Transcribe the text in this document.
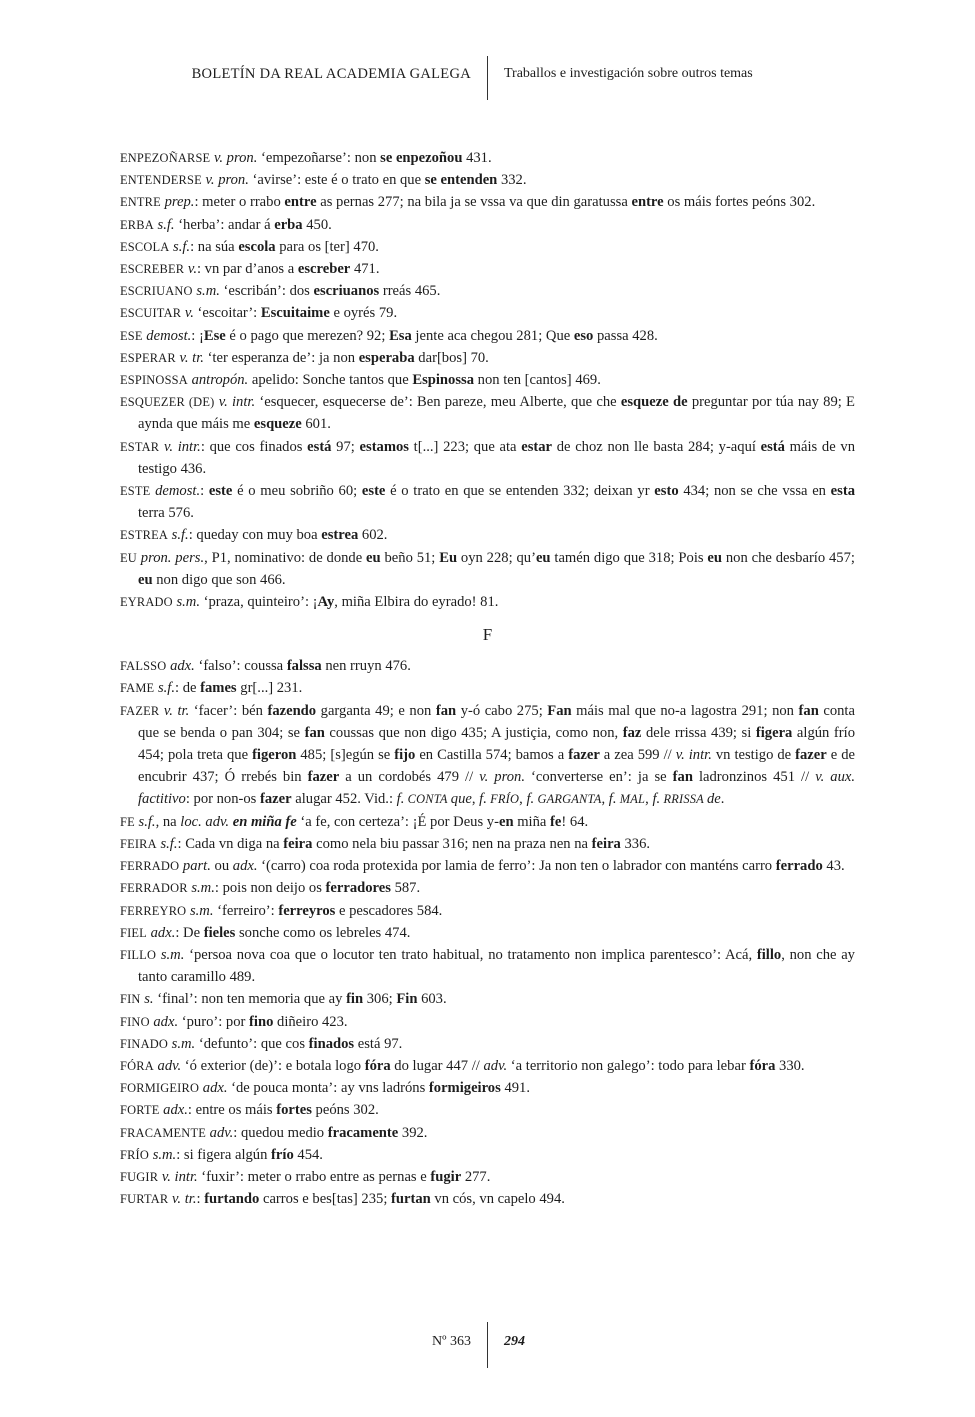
BOLETÍN DA REAL ACADEMIA GALEGA Traballos e investigación sobre outros temas
ENPEZOÑARSE v. pron. ‘empezoñarse’: non se enpezoñou 431.
ENTENDERSE v. pron. ‘avirse’: este é o trato en que se entenden 332.
ENTRE prep.: meter o rrabo entre as pernas 277; na bila ja se vssa va que din garatussa entre os máis fortes peóns 302.
ERBA s.f. ‘herba’: andar á erba 450.
ESCOLA s.f.: na súa escola para os [ter] 470.
ESCREBER v.: vn par d’anos a escreber 471.
ESCRIUANO s.m. ‘escribán’: dos escriuanos rreás 465.
ESCUITAR v. ‘escoitar’: Escuitaime e oyrés 79.
ESE demost.: ¡Ese é o pago que merezen? 92; Esa jente aca chegou 281; Que eso passa 428.
ESPERAR v. tr. ‘ter esperanza de’: ja non esperaba dar[bos] 70.
ESPINOSSA antropón. apelido: Sonche tantos que Espinossa non ten [cantos] 469.
ESQUEZER (DE) v. intr. ‘esquecer, esquecerse de’: Ben pareze, meu Alberte, que che esqueze de preguntar por túa nay 89; E aynda que máis me esqueze 601.
ESTAR v. intr.: que cos finados está 97; estamos t[...] 223; que ata estar de choz non lle basta 284; y-aquí está máis de vn testigo 436.
ESTE demost.: este é o meu sobriño 60; este é o trato en que se entenden 332; deixan yr esto 434; non se che vssa en esta terra 576.
ESTREA s.f.: queday con muy boa estrea 602.
EU pron. pers., P1, nominativo: de donde eu beño 51; Eu oyn 228; qu’eu tamén digo que 318; Pois eu non che desbarío 457; eu non digo que son 466.
EYRADO s.m. ‘praza, quinteiro’: ¡Ay, miña Elbira do eyrado! 81.
F
FALSSO adx. ‘falso’: coussa falssa nen rruyn 476.
FAME s.f.: de fames gr[...] 231.
FAZER v. tr. ‘facer’: bén fazendo garganta 49; e non fan y-ó cabo 275; Fan máis mal que no-a lagostra 291; non fan conta que se benda o pan 304; se fan coussas que non digo 435; A justiçia, como non, faz dele rrissa 439; si figera algún frío 454; pola treta que figeron 485; [s]egún se fijo en Castilla 574; bamos a fazer a zea 599 // v. intr. vn testigo de fazer e de encubrir 437; Ó rrebés bin fazer a un cordobés 479 // v. pron. ‘converterse en’: ja se fan ladronzinos 451 // v. aux. factitivo: por non-os fazer alugar 452. Vid.: f. CONTA que, f. FRÍO, f. GARGANTA, f. MAL, f. RRISSA de.
FE s.f., na loc. adv. en miña fe ‘a fe, con certeza’: ¡É por Deus y-en miña fe! 64.
FEIRA s.f.: Cada vn diga na feira como nela biu passar 316; nen na praza nen na feira 336.
FERRADO part. ou adx. ‘(carro) coa roda protexida por lamia de ferro’: Ja non ten o labrador con manténs carro ferrado 43.
FERRADOR s.m.: pois non deijo os ferradores 587.
FERREYRO s.m. ‘ferreiro’: ferreyros e pescadores 584.
FIEL adx.: De fieles sonche como os lebreles 474.
FILLO s.m. ‘persoa nova coa que o locutor ten trato habitual, no tratamento non implica parentesco’: Acá, fillo, non che ay tanto caramillo 489.
FIN s. ‘final’: non ten memoria que ay fin 306; Fin 603.
FINO adx. ‘puro’: por fino diñeiro 423.
FINADO s.m. ‘defunto’: que cos finados está 97.
FÓRA adv. ‘ó exterior (de)’: e botala logo fóra do lugar 447 // adv. ‘a territorio non galego’: todo para lebar fóra 330.
FORMIGEIRO adx. ‘de pouca monta’: ay vns ladróns formigeiros 491.
FORTE adx.: entre os máis fortes peóns 302.
FRACAMENTE adv.: quedou medio fracamente 392.
FRÍO s.m.: si figera algún frío 454.
FUGIR v. intr. ‘fuxir’: meter o rrabo entre as pernas e fugir 277.
FURTAR v. tr.: furtando carros e bes[tas] 235; furtan vn cós, vn capelo 494.
Nº 363 294
